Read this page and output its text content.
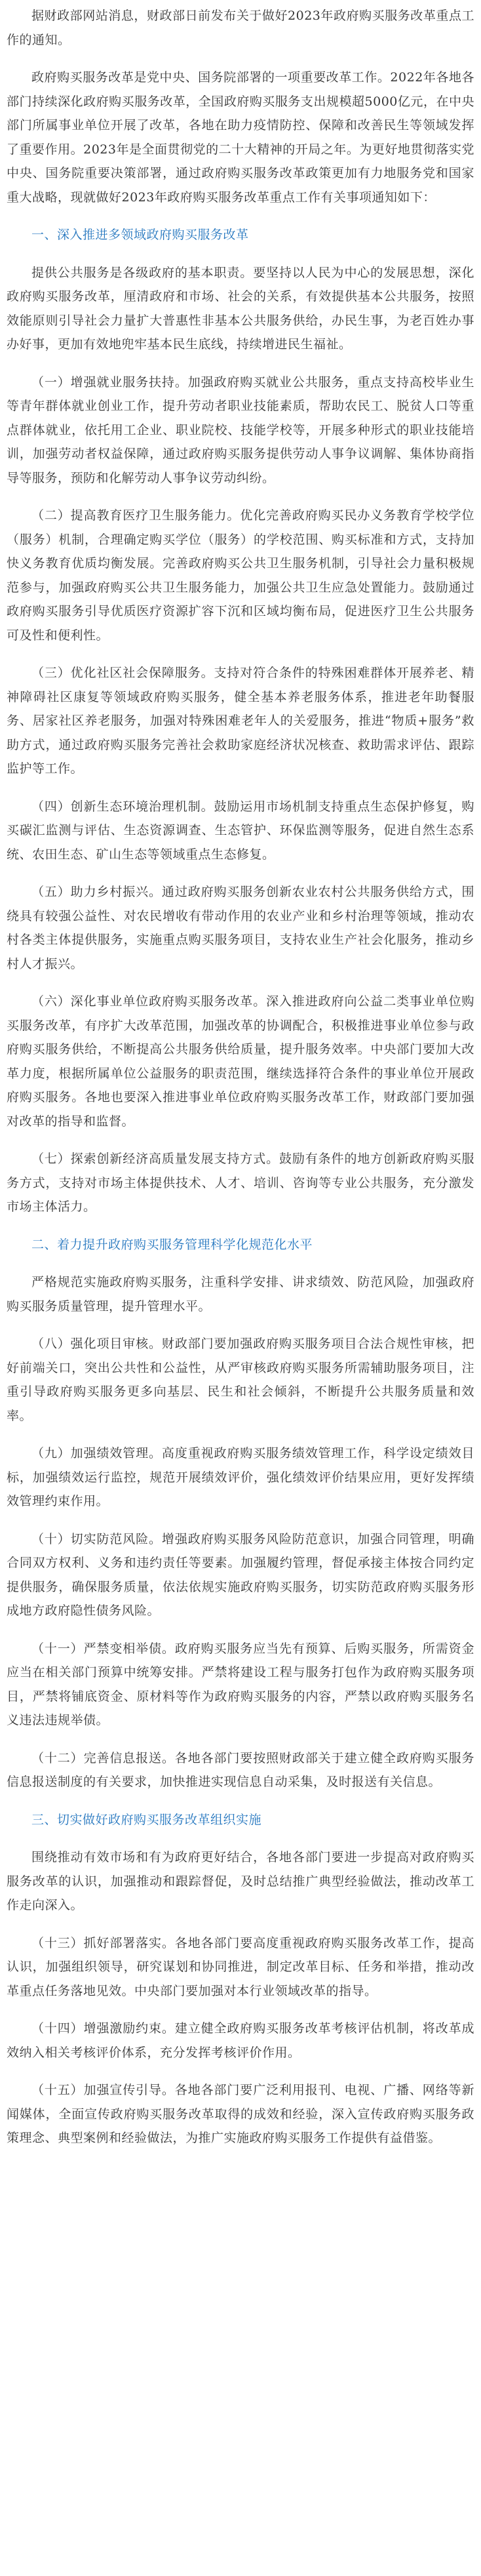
据财政部网站消息，财政部日前发布关于做好2023年政府购买服务改革重点工作的通知。

政府购买服务改革是党中央、国务院部署的一项重要改革工作。2022年各地各部门持续深化政府购买服务改革，全国政府购买服务支出规模超5000亿元，在中央部门所属事业单位开展了改革，各地在助力疫情防控、保障和改善民生等领域发挥了重要作用。2023年是全面贯彻党的二十大精神的开局之年。为更好地贯彻落实党中央、国务院重要决策部署，通过政府购买服务改革政策更加有力地服务党和国家重大战略，现就做好2023年政府购买服务改革重点工作有关事项通知如下：

一、深入推进多领域政府购买服务改革

提供公共服务是各级政府的基本职责。要坚持以人民为中心的发展思想，深化政府购买服务改革，厘清政府和市场、社会的关系，有效提供基本公共服务，按照效能原则引导社会力量扩大普惠性非基本公共服务供给，办民生事，为老百姓办事办好事，更加有效地兜牢基本民生底线，持续增进民生福祉。

（一）增强就业服务扶持。加强政府购买就业公共服务，重点支持高校毕业生等青年群体就业创业工作，提升劳动者职业技能素质，帮助农民工、脱贫人口等重点群体就业，依托用工企业、职业院校、技能学校等，开展多种形式的职业技能培训，加强劳动者权益保障，通过政府购买服务提供劳动人事争议调解、集体协商指导等服务，预防和化解劳动人事争议劳动纠纷。

（二）提高教育医疗卫生服务能力。优化完善政府购买民办义务教育学校学位（服务）机制，合理确定购买学位（服务）的学校范围、购买标准和方式，支持加快义务教育优质均衡发展。完善政府购买公共卫生服务机制，引导社会力量积极规范参与，加强政府购买公共卫生服务能力，加强公共卫生应急处置能力。鼓励通过政府购买服务引导优质医疗资源扩容下沉和区域均衡布局，促进医疗卫生公共服务可及性和便利性。

（三）优化社区社会保障服务。支持对符合条件的特殊困难群体开展养老、精神障碍社区康复等领域政府购买服务，健全基本养老服务体系，推进老年助餐服务、居家社区养老服务，加强对特殊困难老年人的关爱服务，推进“物质+服务”救助方式，通过政府购买服务完善社会救助家庭经济状况核查、救助需求评估、跟踪监护等工作。

（四）创新生态环境治理机制。鼓励运用市场机制支持重点生态保护修复，购买碳汇监测与评估、生态资源调查、生态管护、环保监测等服务，促进自然生态系统、农田生态、矿山生态等领域重点生态修复。

（五）助力乡村振兴。通过政府购买服务创新农业农村公共服务供给方式，围绕具有较强公益性、对农民增收有带动作用的农业产业和乡村治理等领域，推动农村各类主体提供服务，实施重点购买服务项目，支持农业生产社会化服务，推动乡村人才振兴。

（六）深化事业单位政府购买服务改革。深入推进政府向公益二类事业单位购买服务改革，有序扩大改革范围，加强改革的协调配合，积极推进事业单位参与政府购买服务供给，不断提高公共服务供给质量，提升服务效率。中央部门要加大改革力度，根据所属单位公益服务的职责范围，继续选择符合条件的事业单位开展政府购买服务。各地也要深入推进事业单位政府购买服务改革工作，财政部门要加强对改革的指导和监督。

（七）探索创新经济高质量发展支持方式。鼓励有条件的地方创新政府购买服务方式，支持对市场主体提供技术、人才、培训、咨询等专业公共服务，充分激发市场主体活力。

二、着力提升政府购买服务管理科学化规范化水平

严格规范实施政府购买服务，注重科学安排、讲求绩效、防范风险，加强政府购买服务质量管理，提升管理水平。

（八）强化项目审核。财政部门要加强政府购买服务项目合法合规性审核，把好前端关口，突出公共性和公益性，从严审核政府购买服务所需辅助服务项目，注重引导政府购买服务更多向基层、民生和社会倾斜，不断提升公共服务质量和效率。

（九）加强绩效管理。高度重视政府购买服务绩效管理工作，科学设定绩效目标，加强绩效运行监控，规范开展绩效评价，强化绩效评价结果应用，更好发挥绩效管理约束作用。

（十）切实防范风险。增强政府购买服务风险防范意识，加强合同管理，明确合同双方权利、义务和违约责任等要素。加强履约管理，督促承接主体按合同约定提供服务，确保服务质量，依法依规实施政府购买服务，切实防范政府购买服务形成地方政府隐性债务风险。

（十一）严禁变相举债。政府购买服务应当先有预算、后购买服务，所需资金应当在相关部门预算中统筹安排。严禁将建设工程与服务打包作为政府购买服务项目，严禁将铺底资金、原材料等作为政府购买服务的内容，严禁以政府购买服务名义违法违规举债。

（十二）完善信息报送。各地各部门要按照财政部关于建立健全政府购买服务信息报送制度的有关要求，加快推进实现信息自动采集，及时报送有关信息。

三、切实做好政府购买服务改革组织实施

围绕推动有效市场和有为政府更好结合，各地各部门要进一步提高对政府购买服务改革的认识，加强推动和跟踪督促，及时总结推广典型经验做法，推动改革工作走向深入。

（十三）抓好部署落实。各地各部门要高度重视政府购买服务改革工作，提高认识，加强组织领导，研究谋划和协同推进，制定改革目标、任务和举措，推动改革重点任务落地见效。中央部门要加强对本行业领域改革的指导。

（十四）增强激励约束。建立健全政府购买服务改革考核评估机制，将改革成效纳入相关考核评价体系，充分发挥考核评价作用。

（十五）加强宣传引导。各地各部门要广泛利用报刊、电视、广播、网络等新闻媒体，全面宣传政府购买服务改革取得的成效和经验，深入宣传政府购买服务政策理念、典型案例和经验做法，为推广实施政府购买服务工作提供有益借鉴。
